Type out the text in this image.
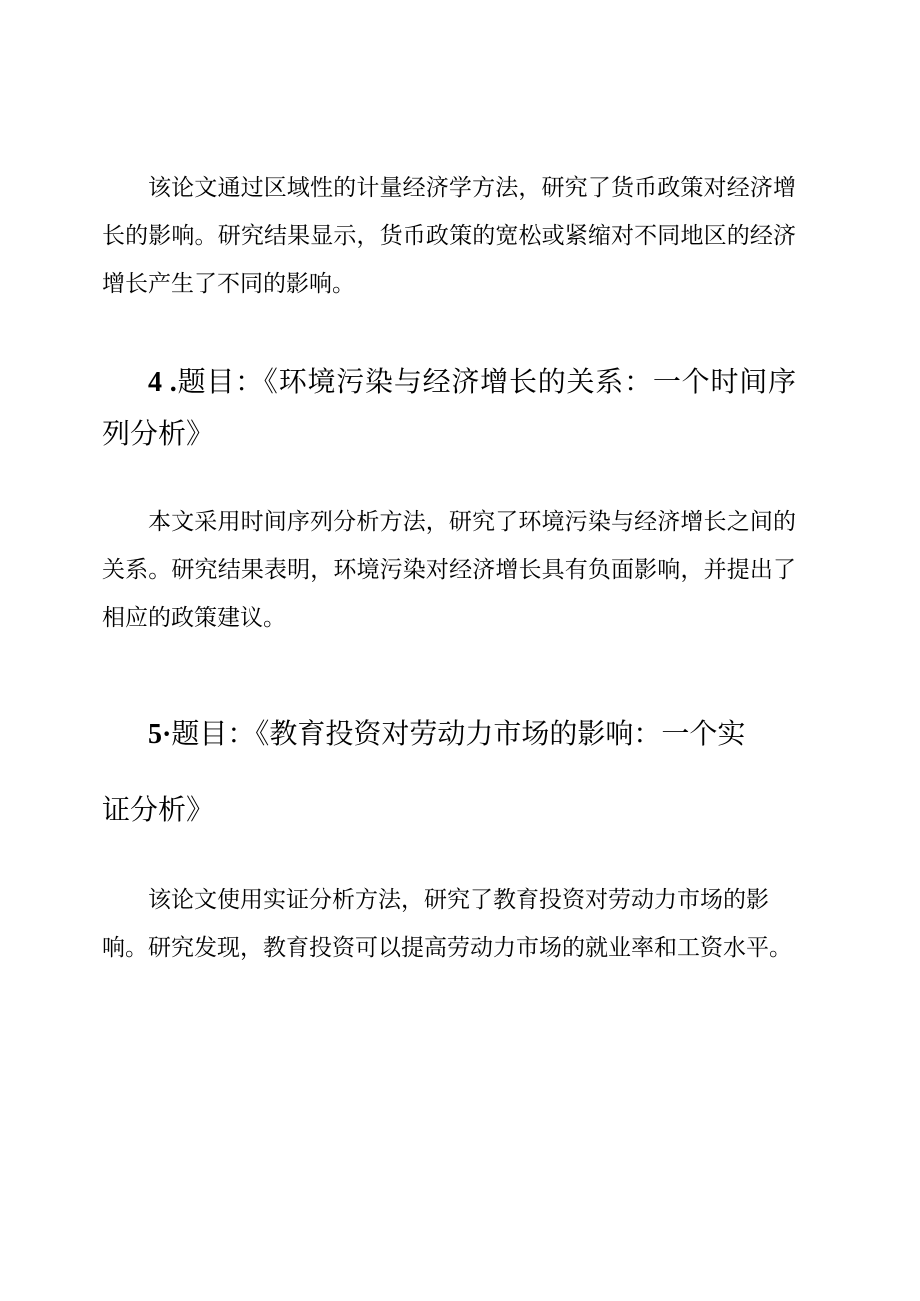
该论文通过区域性的计量经济学方法，研究了货币政策对经济增
长的影响。研究结果显示，货币政策的宽松或紧缩对不同地区的经济
增长产生了不同的影响。
4 .题目：《环境污染与经济增长的关系：一个时间序
列分析》
本文采用时间序列分析方法，研究了环境污染与经济增长之间的
关系。研究结果表明，环境污染对经济增长具有负面影响，并提出了
相应的政策建议。
5·题目：《教育投资对劳动力市场的影响：一个实
证分析》
该论文使用实证分析方法，研究了教育投资对劳动力市场的影
响。研究发现，教育投资可以提高劳动力市场的就业率和工资水平。
